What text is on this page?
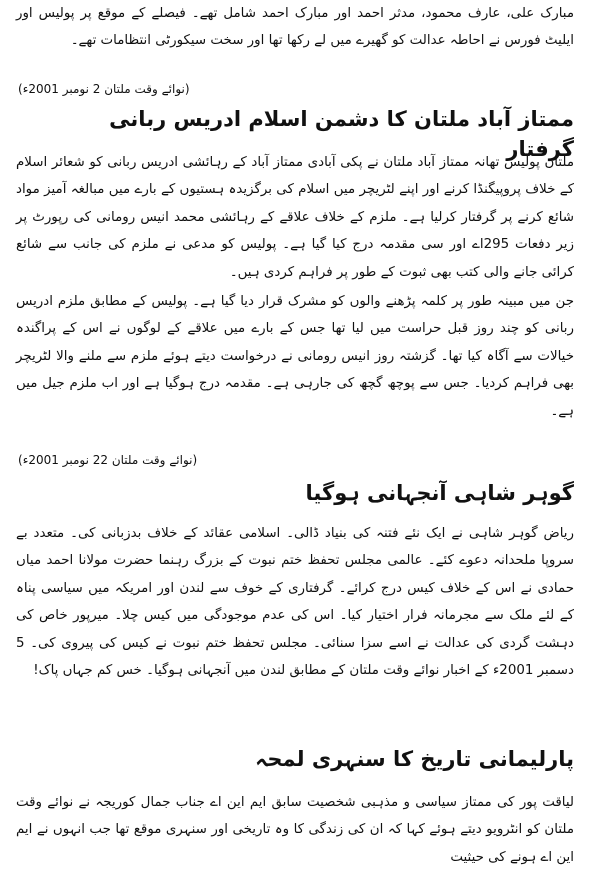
مبارک علی، عارف محمود، مدثر احمد اور مبارک احمد شامل تھے۔ فیصلے کے موقع پر پولیس اور ایلیٹ فورس نے احاطہ عدالت کو گھیرے میں لے رکھا تھا اور سخت سیکورٹی انتظامات تھے۔

(نوائے وقت ملتان 2 نومبر 2001ء)

ممتاز آباد ملتان کا دشمن اسلام ادریس ربانی گرفتار

ملتان پولیس تھانہ ممتاز آباد ملتان نے پکی آبادی ممتاز آباد کے رہائشی ادریس ربانی کو شعائر اسلام کے خلاف پروپیگنڈا کرنے اور اپنے لٹریچر میں اسلام کی برگزیدہ ہستیوں کے بارے میں مبالغہ آمیز مواد شائع کرنے پر گرفتار کرلیا ہے۔ ملزم کے خلاف علاقے کے رہائشی محمد انیس رومانی کی رپورٹ پر زیر دفعات 295اے اور سی مقدمہ درج کیا گیا ہے۔ پولیس کو مدعی نے ملزم کی جانب سے شائع کرائی جانے والی کتب بھی ثبوت کے طور پر فراہم کردی ہیں۔

جن میں مبینہ طور پر کلمہ پڑھنے والوں کو مشرک قرار دیا گیا ہے۔ پولیس کے مطابق ملزم ادریس ربانی کو چند روز قبل حراست میں لیا تھا جس کے بارے میں علاقے کے لوگوں نے اس کے پراگندہ خیالات سے آگاہ کیا تھا۔ گزشتہ روز انیس رومانی نے درخواست دیتے ہوئے ملزم سے ملنے والا لٹریچر بھی فراہم کردیا۔ جس سے پوچھ گچھ کی جارہی ہے۔ مقدمہ درج ہوگیا ہے اور اب ملزم جیل میں ہے۔

(نوائے وقت ملتان 22 نومبر 2001ء)

گوہر شاہی آنجہانی ہوگیا

ریاض گوہر شاہی نے ایک نئے فتنہ کی بنیاد ڈالی۔ اسلامی عقائد کے خلاف بدزبانی کی۔ متعدد بے سروپا ملحدانہ دعوے کئے۔ عالمی مجلس تحفظ ختم نبوت کے بزرگ رہنما حضرت مولانا احمد میاں حمادی نے اس کے خلاف کیس درج کرائے۔ گرفتاری کے خوف سے لندن اور امریکہ میں سیاسی پناہ کے لئے ملک سے مجرمانہ فرار اختیار کیا۔ اس کی عدم موجودگی میں کیس چلا۔ میرپور خاص کی دہشت گردی کی عدالت نے اسے سزا سنائی۔ مجلس تحفظ ختم نبوت نے کیس کی پیروی کی۔ 5 دسمبر 2001ء کے اخبار نوائے وقت ملتان کے مطابق لندن میں آنجہانی ہوگیا۔ خس کم جہاں پاک!

پارلیمانی تاریخ کا سنہری لمحہ

لیاقت پور کی ممتاز سیاسی و مذہبی شخصیت سابق ایم این اے جناب جمال کوریجہ نے نوائے وقت ملتان کو انٹرویو دیتے ہوئے کہا کہ ان کی زندگی کا وہ تاریخی اور سنہری موقع تھا جب انہوں نے ایم این اے ہونے کی حیثیت
